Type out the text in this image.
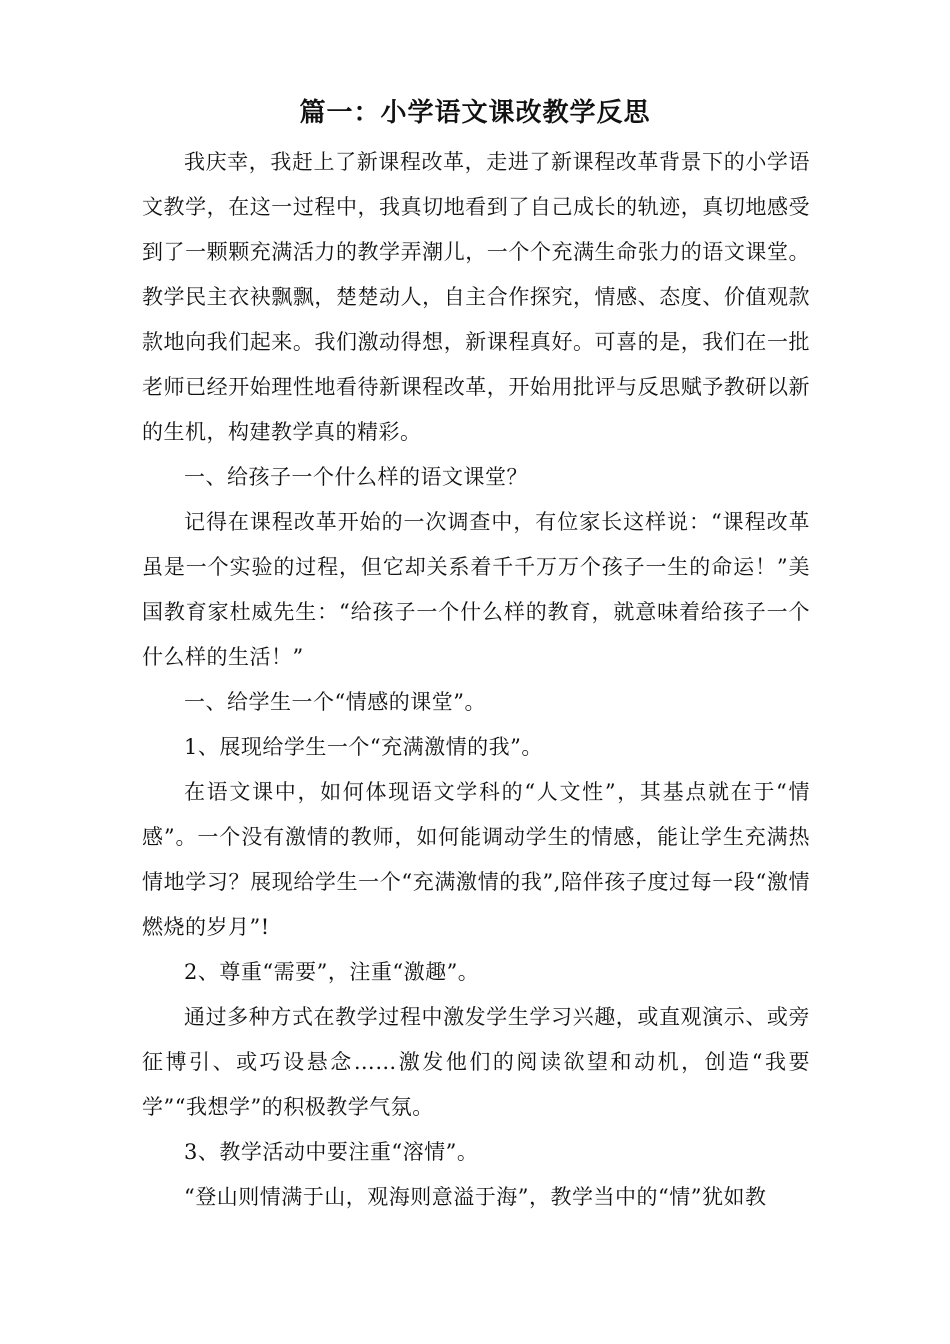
篇一：小学语文课改教学反思

我庆幸，我赶上了新课程改革，走进了新课程改革背景下的小学语文教学，在这一过程中，我真切地看到了自己成长的轨迹，真切地感受到了一颗颗充满活力的教学弄潮儿，一个个充满生命张力的语文课堂。教学民主衣袂飘飘，楚楚动人，自主合作探究，情感、态度、价值观款款地向我们起来。我们激动得想，新课程真好。可喜的是，我们在一批老师已经开始理性地看待新课程改革，开始用批评与反思赋予教研以新的生机，构建教学真的精彩。

一、给孩子一个什么样的语文课堂？

记得在课程改革开始的一次调查中，有位家长这样说：“课程改革虽是一个实验的过程，但它却关系着千千万万个孩子一生的命运！”美国教育家杜威先生：“给孩子一个什么样的教育，就意味着给孩子一个什么样的生活！”

一、给学生一个“情感的课堂”。

1、展现给学生一个“充满激情的我”。

在语文课中，如何体现语文学科的“人文性”，其基点就在于“情感”。一个没有激情的教师，如何能调动学生的情感，能让学生充满热情地学习？展现给学生一个“充满激情的我”,陪伴孩子度过每一段“激情燃烧的岁月”!

2、尊重“需要”，注重“激趣”。

通过多种方式在教学过程中激发学生学习兴趣，或直观演示、或旁征博引、或巧设悬念……激发他们的阅读欲望和动机，创造“我要学”“我想学”的积极教学气氛。

3、教学活动中要注重“溶情”。

“登山则情满于山，观海则意溢于海”，教学当中的“情”犹如教
